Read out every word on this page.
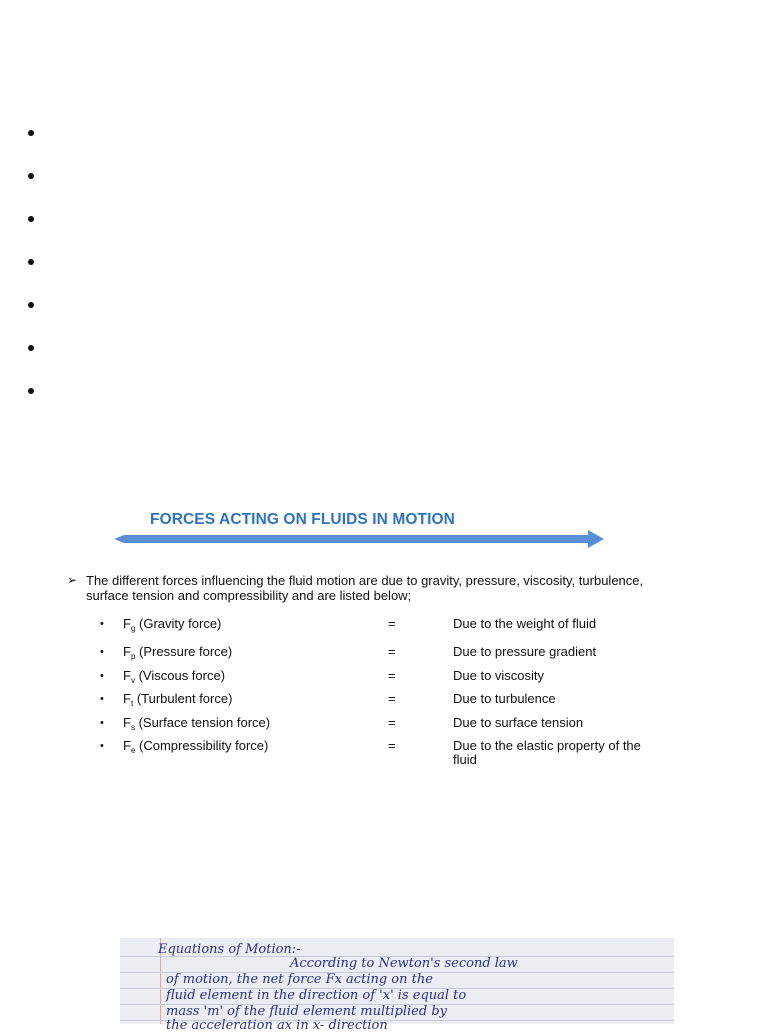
FORCES ACTING ON FLUIDS IN MOTION
➢ The different forces influencing the fluid motion are due to gravity, pressure, viscosity, turbulence, surface tension and compressibility and are listed below;
• $F_g$ (Gravity force)	=	Due to the weight of fluid
• $F_p$ (Pressure force)	=	Due to pressure gradient
• $F_v$ (Viscous force)	=	Due to viscosity
• $F_t$ (Turbulent force)	=	Due to turbulence
• $F_s$ (Surface tension force)	=	Due to surface tension
• $F_e$ (Compressibility force)	=	Due to the elastic property of the fluid
Equations of Motion:-
According to Newton's second law
of motion, the net force Fx acting on the
fluid element in the direction of 'x' is equal to
mass 'm' of the fluid element multiplied by
the acceleration ax in x- direction
